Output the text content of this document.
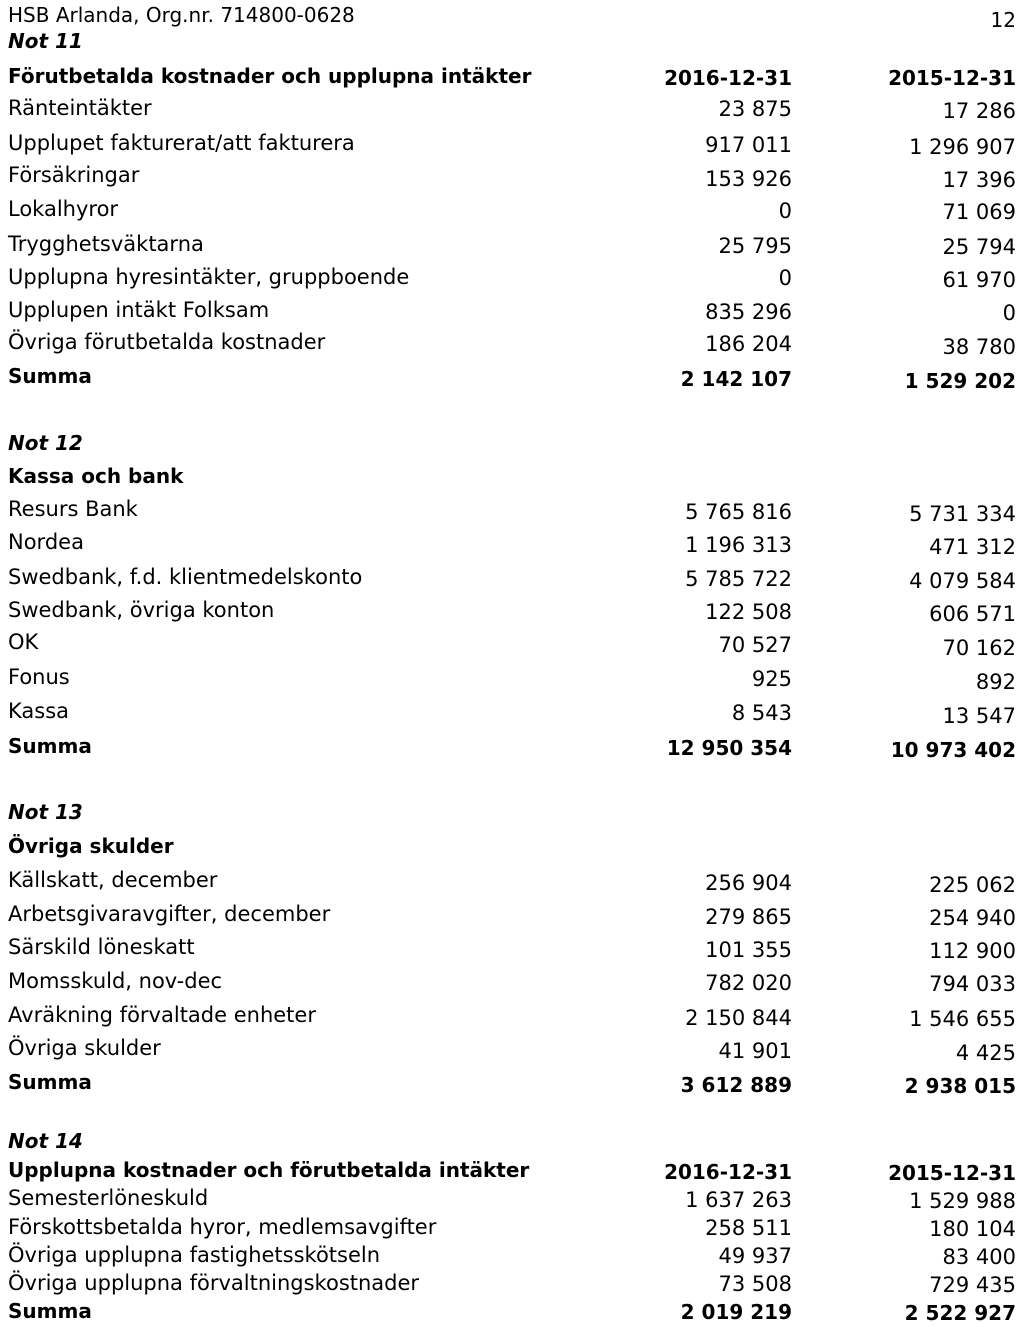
HSB Arlanda, Org.nr. 714800-0628	12
Not 11
Förutbetalda kostnader och upplupna intäkter	2016-12-31	2015-12-31
Ränteintäkter	23 875	17 286
Upplupet fakturerat/att fakturera	917 011	1 296 907
Försäkringar	153 926	17 396
Lokalhyror	0	71 069
Trygghetsväktarna	25 795	25 794
Upplupna hyresintäkter, gruppboende	0	61 970
Upplupen intäkt Folksam	835 296	0
Övriga förutbetalda kostnader	186 204	38 780
Summa	2 142 107	1 529 202
Not 12
Kassa och bank
Resurs Bank	5 765 816	5 731 334
Nordea	1 196 313	471 312
Swedbank, f.d. klientmedelskonto	5 785 722	4 079 584
Swedbank, övriga konton	122 508	606 571
OK	70 527	70 162
Fonus	925	892
Kassa	8 543	13 547
Summa	12 950 354	10 973 402
Not 13
Övriga skulder
Källskatt, december	256 904	225 062
Arbetsgivaravgifter, december	279 865	254 940
Särskild löneskatt	101 355	112 900
Momsskuld, nov-dec	782 020	794 033
Avräkning förvaltade enheter	2 150 844	1 546 655
Övriga skulder	41 901	4 425
Summa	3 612 889	2 938 015
Not 14
Upplupna kostnader och förutbetalda intäkter	2016-12-31	2015-12-31
Semesterlöneskuld	1 637 263	1 529 988
Förskottsbetalda hyror, medlemsavgifter	258 511	180 104
Övriga upplupna fastighetsskötseln	49 937	83 400
Övriga upplupna förvaltningskostnader	73 508	729 435
Summa	2 019 219	2 522 927
